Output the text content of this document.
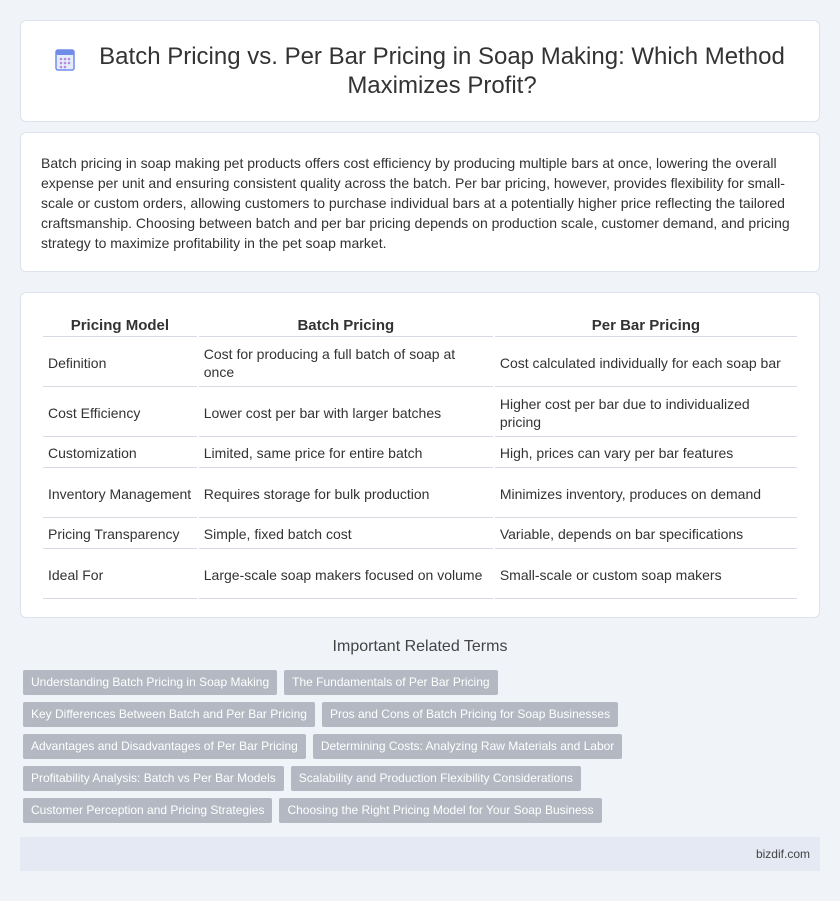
Batch Pricing vs. Per Bar Pricing in Soap Making: Which Method Maximizes Profit?

Batch pricing in soap making pet products offers cost efficiency by producing multiple bars at once, lowering the overall expense per unit and ensuring consistent quality across the batch. Per bar pricing, however, provides flexibility for small-scale or custom orders, allowing customers to purchase individual bars at a potentially higher price reflecting the tailored craftsmanship. Choosing between batch and per bar pricing depends on production scale, customer demand, and pricing strategy to maximize profitability in the pet soap market.

Pricing Model	Batch Pricing	Per Bar Pricing
Definition	Cost for producing a full batch of soap at once	Cost calculated individually for each soap bar
Cost Efficiency	Lower cost per bar with larger batches	Higher cost per bar due to individualized pricing
Customization	Limited, same price for entire batch	High, prices can vary per bar features
Inventory Management	Requires storage for bulk production	Minimizes inventory, produces on demand
Pricing Transparency	Simple, fixed batch cost	Variable, depends on bar specifications
Ideal For	Large-scale soap makers focused on volume	Small-scale or custom soap makers
Important Related Terms
Understanding Batch Pricing in Soap Making	The Fundamentals of Per Bar Pricing
Key Differences Between Batch and Per Bar Pricing	Pros and Cons of Batch Pricing for Soap Businesses
Advantages and Disadvantages of Per Bar Pricing	Determining Costs: Analyzing Raw Materials and Labor
Profitability Analysis: Batch vs Per Bar Models	Scalability and Production Flexibility Considerations
Customer Perception and Pricing Strategies	Choosing the Right Pricing Model for Your Soap Business
bizdif.com
